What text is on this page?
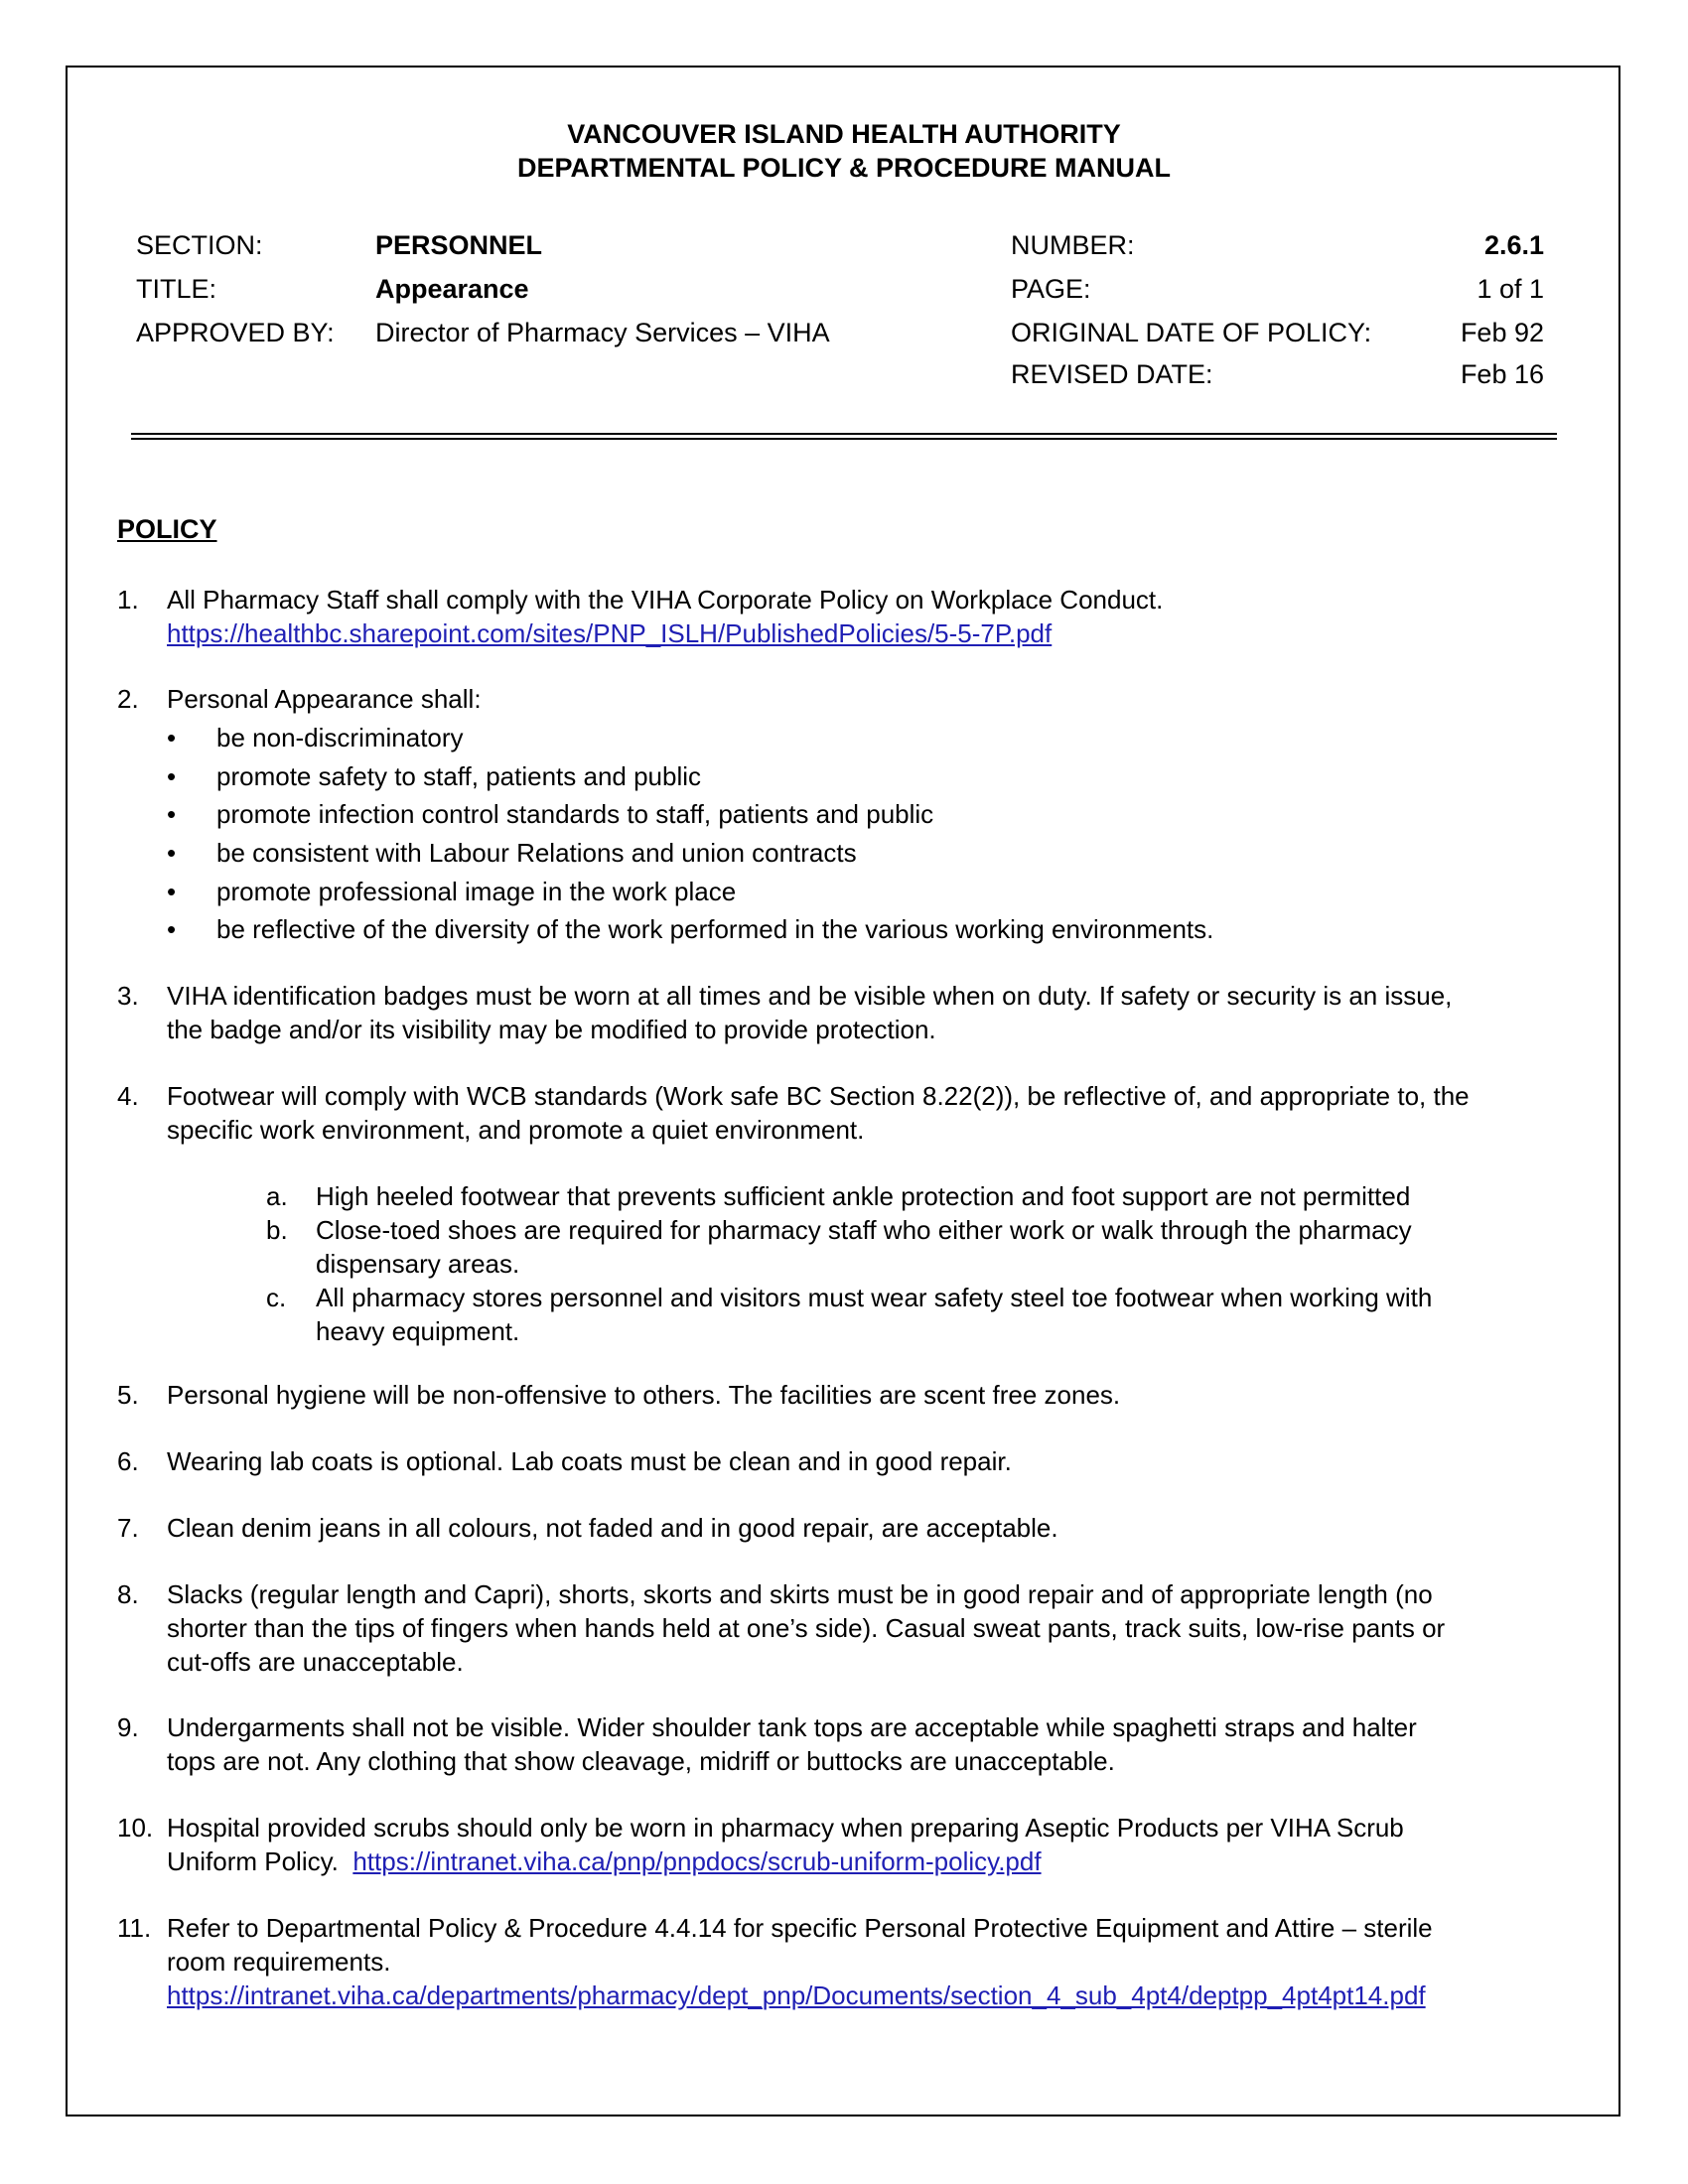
VANCOUVER ISLAND HEALTH AUTHORITY
DEPARTMENTAL POLICY & PROCEDURE MANUAL
SECTION:	PERSONNEL
TITLE:	Appearance
APPROVED BY: Director of Pharmacy Services – VIHA
NUMBER:	2.6.1
PAGE:	1 of 1
ORIGINAL DATE OF POLICY:	Feb 92
REVISED DATE:	Feb 16
POLICY
1. All Pharmacy Staff shall comply with the VIHA Corporate Policy on Workplace Conduct.
https://healthbc.sharepoint.com/sites/PNP_ISLH/PublishedPolicies/5-5-7P.pdf
2. Personal Appearance shall:
• be non-discriminatory
• promote safety to staff, patients and public
• promote infection control standards to staff, patients and public
• be consistent with Labour Relations and union contracts
• promote professional image in the work place
• be reflective of the diversity of the work performed in the various working environments.
3. VIHA identification badges must be worn at all times and be visible when on duty. If safety or security is an issue,
the badge and/or its visibility may be modified to provide protection.
4. Footwear will comply with WCB standards (Work safe BC Section 8.22(2)), be reflective of, and appropriate to, the
specific work environment, and promote a quiet environment.
a. High heeled footwear that prevents sufficient ankle protection and foot support are not permitted
b. Close-toed shoes are required for pharmacy staff who either work or walk through the pharmacy
dispensary areas.
c. All pharmacy stores personnel and visitors must wear safety steel toe footwear when working with
heavy equipment.
5. Personal hygiene will be non-offensive to others. The facilities are scent free zones.
6. Wearing lab coats is optional. Lab coats must be clean and in good repair.
7. Clean denim jeans in all colours, not faded and in good repair, are acceptable.
8. Slacks (regular length and Capri), shorts, skorts and skirts must be in good repair and of appropriate length (no
shorter than the tips of fingers when hands held at one’s side). Casual sweat pants, track suits, low-rise pants or
cut-offs are unacceptable.
9. Undergarments shall not be visible. Wider shoulder tank tops are acceptable while spaghetti straps and halter
tops are not. Any clothing that show cleavage, midriff or buttocks are unacceptable.
10. Hospital provided scrubs should only be worn in pharmacy when preparing Aseptic Products per VIHA Scrub
Uniform Policy.  https://intranet.viha.ca/pnp/pnpdocs/scrub-uniform-policy.pdf
11. Refer to Departmental Policy & Procedure 4.4.14 for specific Personal Protective Equipment and Attire – sterile
room requirements.
https://intranet.viha.ca/departments/pharmacy/dept_pnp/Documents/section_4_sub_4pt4/deptpp_4pt4pt14.pdf
